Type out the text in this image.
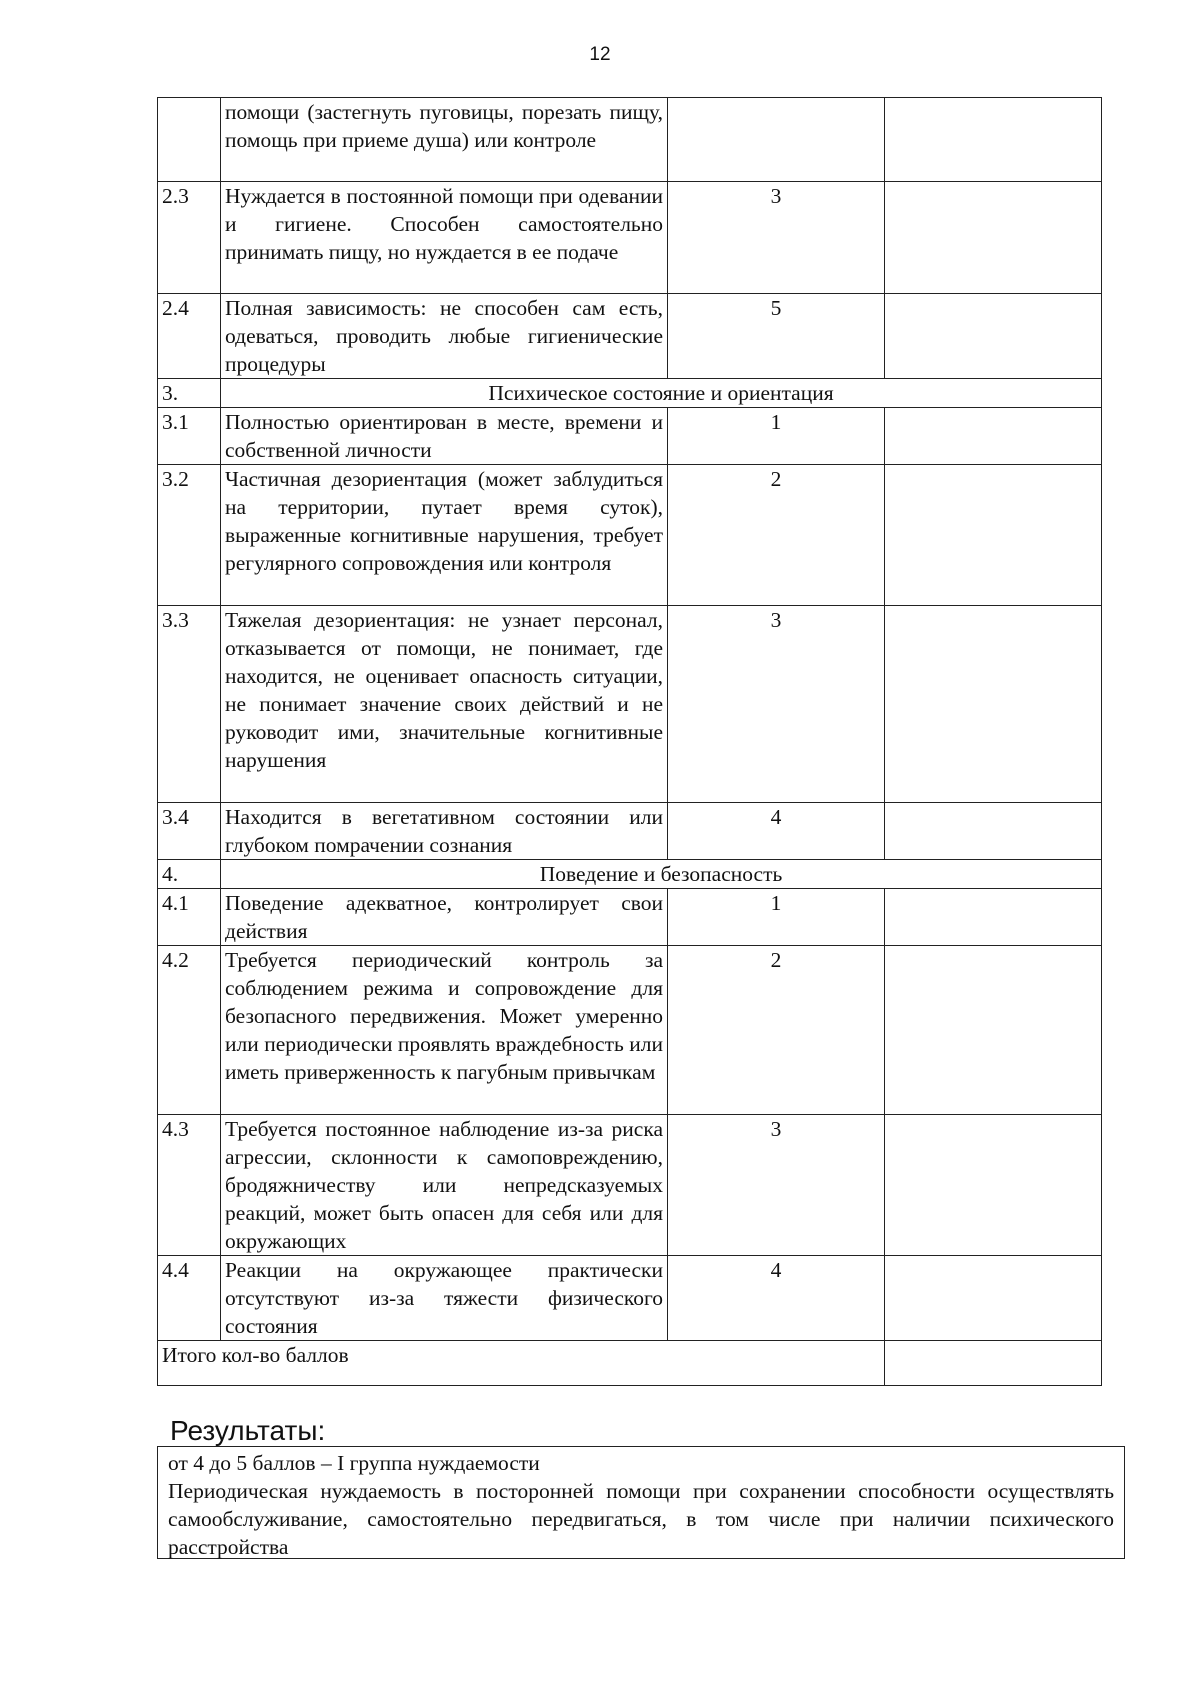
12
	помощи (застегнуть пуговицы, порезать пищу, помощь при приеме душа) или контроле		
2.3	Нуждается в постоянной помощи при одевании и гигиене. Способен самостоятельно принимать пищу, но нуждается в ее подаче	3	
2.4	Полная зависимость: не способен сам есть, одеваться, проводить любые гигиенические процедуры	5	
3.	Психическое состояние и ориентация		
3.1	Полностью ориентирован в месте, времени и собственной личности	1	
3.2	Частичная дезориентация (может заблудиться на территории, путает время суток), выраженные когнитивные нарушения, требует регулярного сопровождения или контроля	2	
3.3	Тяжелая дезориентация: не узнает персонал, отказывается от помощи, не понимает, где находится, не оценивает опасность ситуации, не понимает значение своих действий и не руководит ими, значительные когнитивные нарушения	3	
3.4	Находится в вегетативном состоянии или глубоком помрачении сознания	4	
4.	Поведение и безопасность		
4.1	Поведение адекватное, контролирует свои действия	1	
4.2	Требуется периодический контроль за соблюдением режима и сопровождение для безопасного передвижения. Может умеренно или периодически проявлять враждебность или иметь приверженность к пагубным привычкам	2	
4.3	Требуется постоянное наблюдение из-за риска агрессии, склонности к самоповреждению, бродяжничеству или непредсказуемых реакций, может быть опасен для себя или для окружающих	3	
4.4	Реакции на окружающее практически отсутствуют из-за тяжести физического состояния	4	
Итого кол-во баллов			
Результаты:
от 4 до 5 баллов – I группа нуждаемости
Периодическая нуждаемость в посторонней помощи при сохранении способности осуществлять самообслуживание, самостоятельно передвигаться, в том числе при наличии психического расстройства
